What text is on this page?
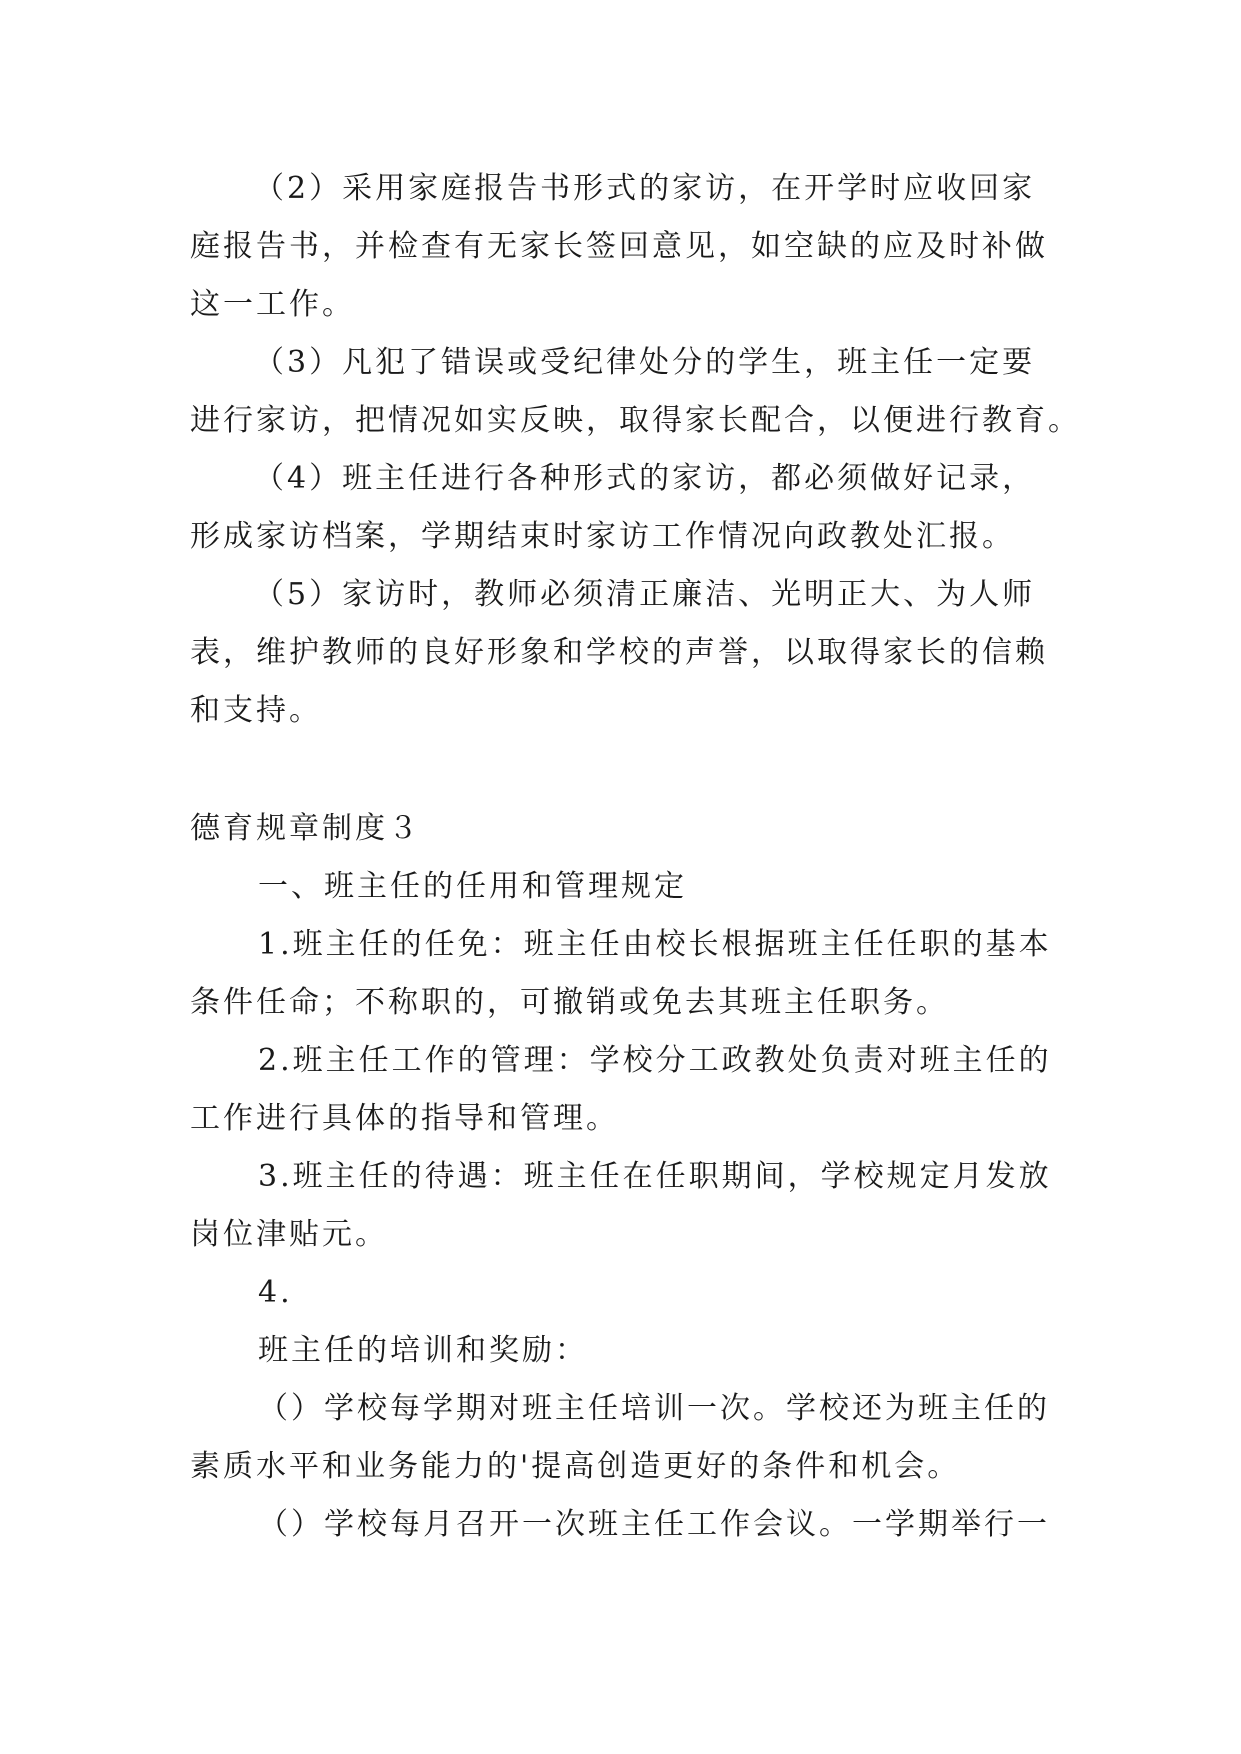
（2）采用家庭报告书形式的家访，在开学时应收回家
庭报告书，并检查有无家长签回意见，如空缺的应及时补做
这一工作。
（3）凡犯了错误或受纪律处分的学生，班主任一定要
进行家访，把情况如实反映，取得家长配合，以便进行教育。
（4）班主任进行各种形式的家访，都必须做好记录，
形成家访档案，学期结束时家访工作情况向政教处汇报。
（5）家访时，教师必须清正廉洁、光明正大、为人师
表，维护教师的良好形象和学校的声誉，以取得家长的信赖
和支持。
德育规章制度３
一、班主任的任用和管理规定
1.班主任的任免：班主任由校长根据班主任任职的基本
条件任命；不称职的，可撤销或免去其班主任职务。
2.班主任工作的管理：学校分工政教处负责对班主任的
工作进行具体的指导和管理。
3.班主任的待遇：班主任在任职期间，学校规定月发放
岗位津贴元。
4.
班主任的培训和奖励：
（）学校每学期对班主任培训一次。学校还为班主任的
素质水平和业务能力的'提高创造更好的条件和机会。
（）学校每月召开一次班主任工作会议。一学期举行一
